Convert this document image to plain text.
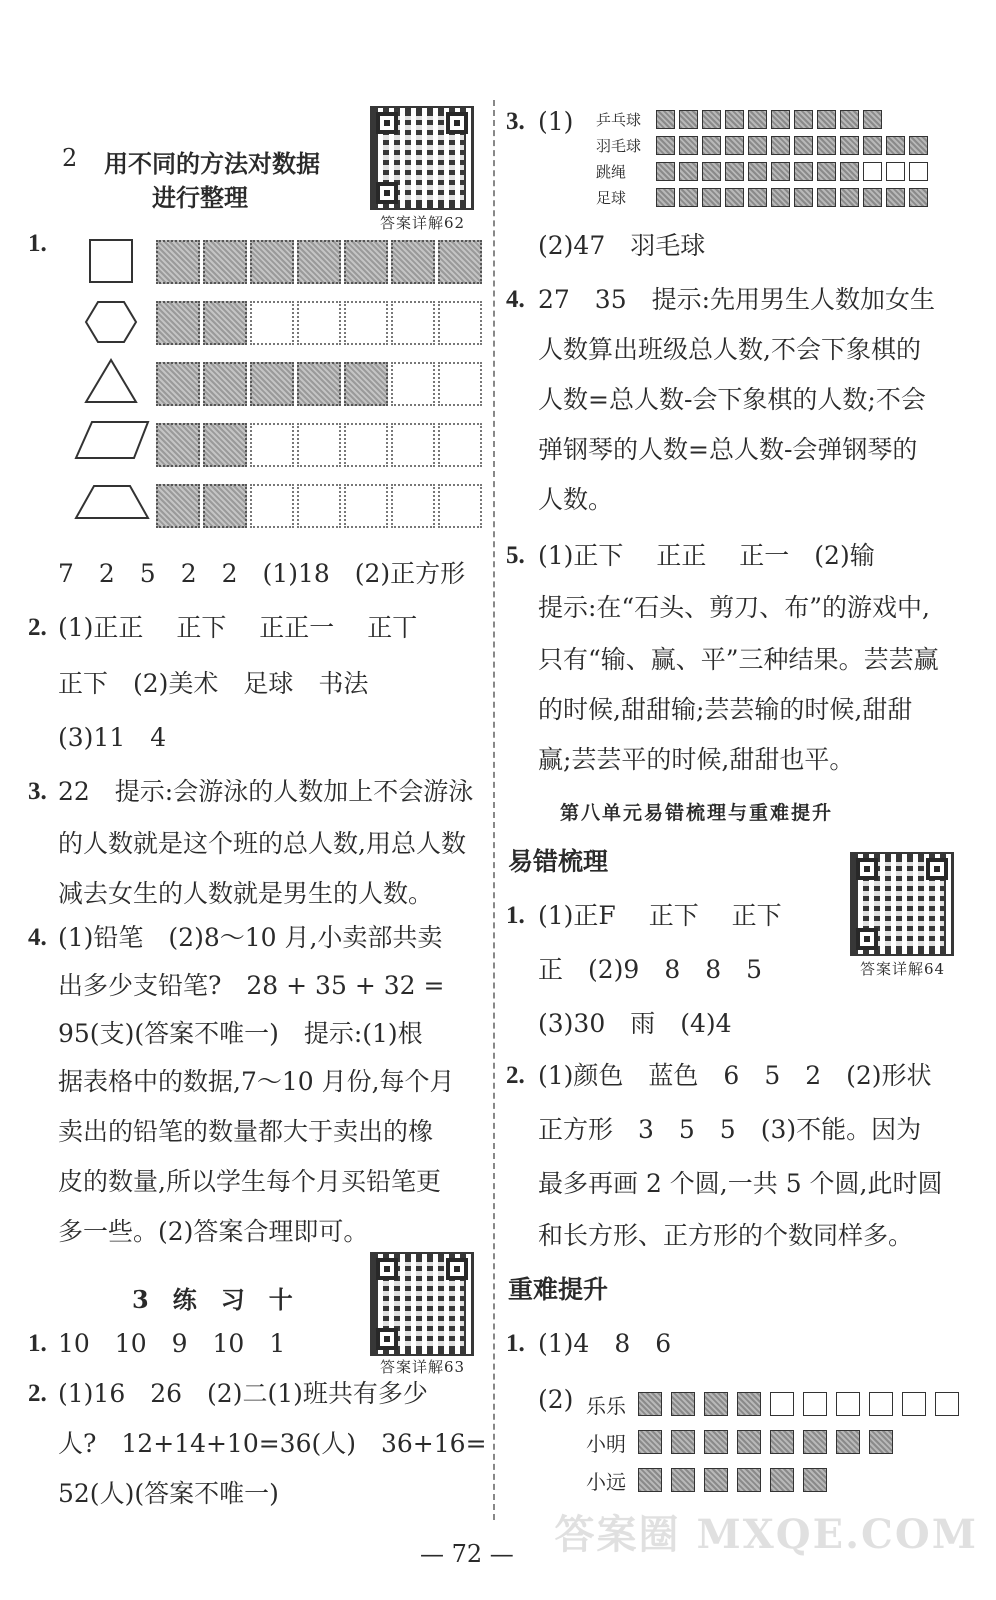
2 用不同的方法对数据
进行整理
答案详解62
1.
7　2　5　2　2　(1)18　(2)正方形
2. (1)正正　 正下　 正正一　 正丅
正下　(2)美术　足球　书法
(3)11　4
3. 22　提示:会游泳的人数加上不会游泳
的人数就是这个班的总人数,用总人数
减去女生的人数就是男生的人数。
4. (1)铅笔　(2)8～10 月,小卖部共卖
出多少支铅笔?　28 + 35 + 32 =
95(支)(答案不唯一)　提示:(1)根
据表格中的数据,7～10 月份,每个月
卖出的铅笔的数量都大于卖出的橡
皮的数量,所以学生每个月买铅笔更
多一些。(2)答案合理即可。
3　练　习　十
答案详解63
1. 10　10　9　10　1
2. (1)16　26　(2)二(1)班共有多少
人?　12+14+10=36(人)　36+16=
52(人)(答案不唯一)
3. (1) 乒乓球
羽毛球
跳绳
足球
(2)47　羽毛球
4. 27　35　提示:先用男生人数加女生
人数算出班级总人数,不会下象棋的
人数=总人数-会下象棋的人数;不会
弹钢琴的人数=总人数-会弹钢琴的
人数。
5. (1)正下　 正正　 正一　(2)输
提示:在“石头、剪刀、布”的游戏中,
只有“输、赢、平”三种结果。芸芸赢
的时候,甜甜输;芸芸输的时候,甜甜
赢;芸芸平的时候,甜甜也平。
第八单元易错梳理与重难提升
易错梳理
答案详解64
1. (1)正F　 正下　 正下
正　(2)9　8　8　5
(3)30　雨　(4)4
2. (1)颜色　蓝色　6　5　2　(2)形状
正方形　3　5　5　(3)不能。因为
最多再画 2 个圆,一共 5 个圆,此时圆
和长方形、正方形的个数同样多。
重难提升
1. (1)4　8　6
(2) 乐乐
小明
小远
— 72 — 答案圈 MXQE.COM
